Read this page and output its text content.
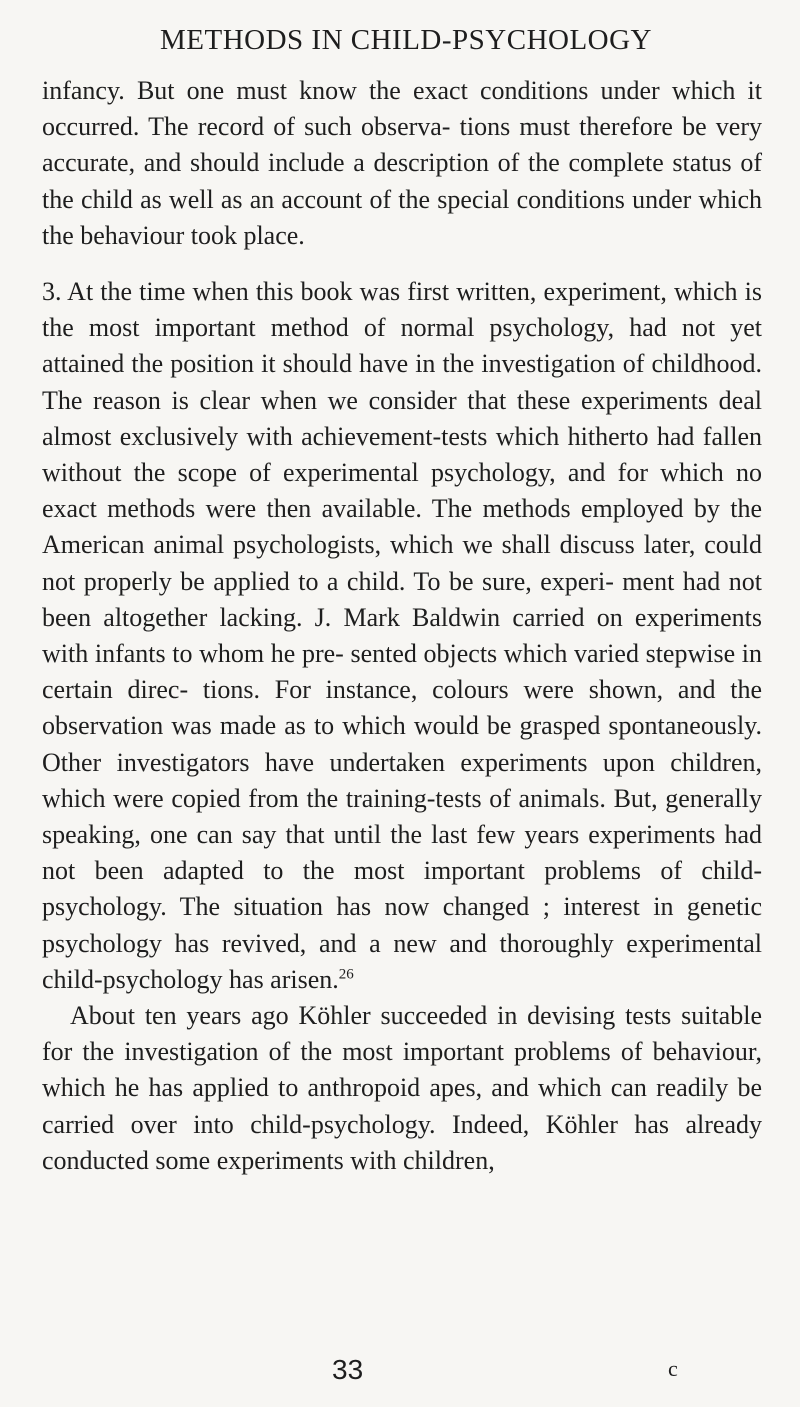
METHODS IN CHILD-PSYCHOLOGY

infancy. But one must know the exact conditions under which it occurred. The record of such observa- tions must therefore be very accurate, and should include a description of the complete status of the child as well as an account of the special conditions under which the behaviour took place.

3. At the time when this book was first written, experiment, which is the most important method of normal psychology, had not yet attained the position it should have in the investigation of childhood. The reason is clear when we consider that these experiments deal almost exclusively with achievement-tests which hitherto had fallen without the scope of experimental psychology, and for which no exact methods were then available. The methods employed by the American animal psychologists, which we shall discuss later, could not properly be applied to a child. To be sure, experi- ment had not been altogether lacking. J. Mark Baldwin carried on experiments with infants to whom he pre- sented objects which varied stepwise in certain direc- tions. For instance, colours were shown, and the observation was made as to which would be grasped spontaneously. Other investigators have undertaken experiments upon children, which were copied from the training-tests of animals. But, generally speaking, one can say that until the last few years experiments had not been adapted to the most important problems of child-psychology. The situation has now changed ; interest in genetic psychology has revived, and a new and thoroughly experimental child-psychology has arisen.$^{26}$

About ten years ago Köhler succeeded in devising tests suitable for the investigation of the most important problems of behaviour, which he has applied to anthropoid apes, and which can readily be carried over into child-psychology. Indeed, Köhler has already conducted some experiments with children,

33	c
